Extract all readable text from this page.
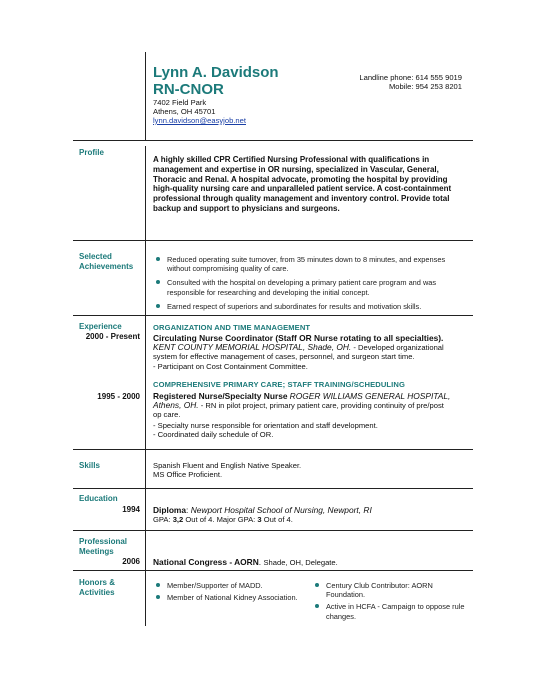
Lynn A. Davidson
RN-CNOR
7402 Field Park
Athens, OH 45701
lynn.davidson@easyjob.net
Landline phone: 614 555 9019
Mobile: 954 253 8201
Profile
A highly skilled CPR Certified Nursing Professional with qualifications in management and expertise in OR nursing, specialized in Vascular, General, Thoracic and Renal. A hospital advocate, promoting the hospital by providing high-quality nursing care and unparalleled patient service. A cost-containment professional through quality management and inventory control. Provide total backup and support to physicians and surgeons.
Selected
Achievements
Reduced operating suite turnover, from 35 minutes down to 8 minutes, and expenses without compromising quality of care.
Consulted with the hospital on developing a primary patient care program and was responsible for researching and developing the initial concept.
Earned respect of superiors and subordinates for results and motivation skills.
Experience
2000 - Present
ORGANIZATION AND TIME MANAGEMENT
Circulating Nurse Coordinator (Staff OR Nurse rotating to all specialties).
KENT COUNTY MEMORIAL HOSPITAL, Shade, OH. - Developed organizational system for effective management of cases, personnel, and surgeon start time.
- Participant on Cost Containment Committee.
1995 - 2000
COMPREHENSIVE PRIMARY CARE; STAFF TRAINING/SCHEDULING
Registered Nurse/Specialty Nurse ROGER WILLIAMS GENERAL HOSPITAL, Athens, OH. - RN in pilot project, primary patient care, providing continuity of pre/post op care.
- Specialty nurse responsible for orientation and staff development.
- Coordinated daily schedule of OR.
Skills	Spanish Fluent and English Native Speaker.
MS Office Proficient.
Education
1994 Diploma: Newport Hospital School of Nursing, Newport, RI
GPA: 3,2 Out of 4. Major GPA: 3 Out of 4.
Professional
Meetings
2006 National Congress - AORN. Shade, OH, Delegate.
Honors &
Activities
Member/Supporter of MADD.
Member of National Kidney Association.
Century Club Contributor: AORN Foundation.
Active in HCFA - Campaign to oppose rule changes.
